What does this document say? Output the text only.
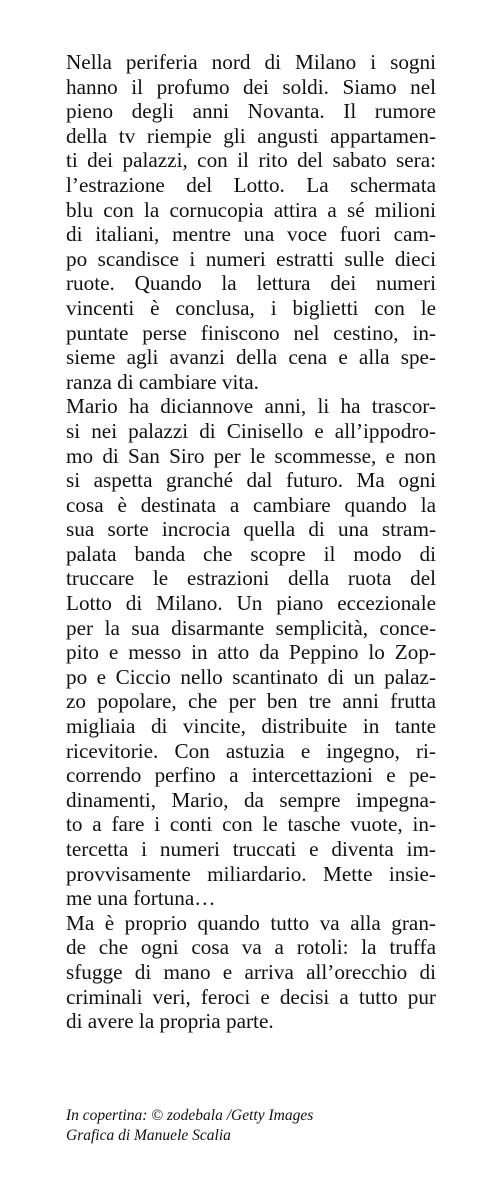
Nella periferia nord di Milano i sogni
hanno il profumo dei soldi. Siamo nel
pieno degli anni Novanta. Il rumore
della tv riempie gli angusti appartamen-
ti dei palazzi, con il rito del sabato sera:
l’estrazione del Lotto. La schermata
blu con la cornucopia attira a sé milioni
di italiani, mentre una voce fuori cam-
po scandisce i numeri estratti sulle dieci
ruote. Quando la lettura dei numeri
vincenti è conclusa, i biglietti con le
puntate perse finiscono nel cestino, in-
sieme agli avanzi della cena e alla spe-
ranza di cambiare vita.
Mario ha diciannove anni, li ha trascor-
si nei palazzi di Cinisello e all’ippodro-
mo di San Siro per le scommesse, e non
si aspetta granché dal futuro. Ma ogni
cosa è destinata a cambiare quando la
sua sorte incrocia quella di una stram-
palata banda che scopre il modo di
truccare le estrazioni della ruota del
Lotto di Milano. Un piano eccezionale
per la sua disarmante semplicità, conce-
pito e messo in atto da Peppino lo Zop-
po e Ciccio nello scantinato di un palaz-
zo popolare, che per ben tre anni frutta
migliaia di vincite, distribuite in tante
ricevitorie. Con astuzia e ingegno, ri-
correndo perfino a intercettazioni e pe-
dinamenti, Mario, da sempre impegna-
to a fare i conti con le tasche vuote, in-
tercetta i numeri truccati e diventa im-
provvisamente miliardario. Mette insie-
me una fortuna…
Ma è proprio quando tutto va alla gran-
de che ogni cosa va a rotoli: la truffa
sfugge di mano e arriva all’orecchio di
criminali veri, feroci e decisi a tutto pur
di avere la propria parte.
In copertina: © zodebala /Getty Images
Grafica di Manuele Scalia
